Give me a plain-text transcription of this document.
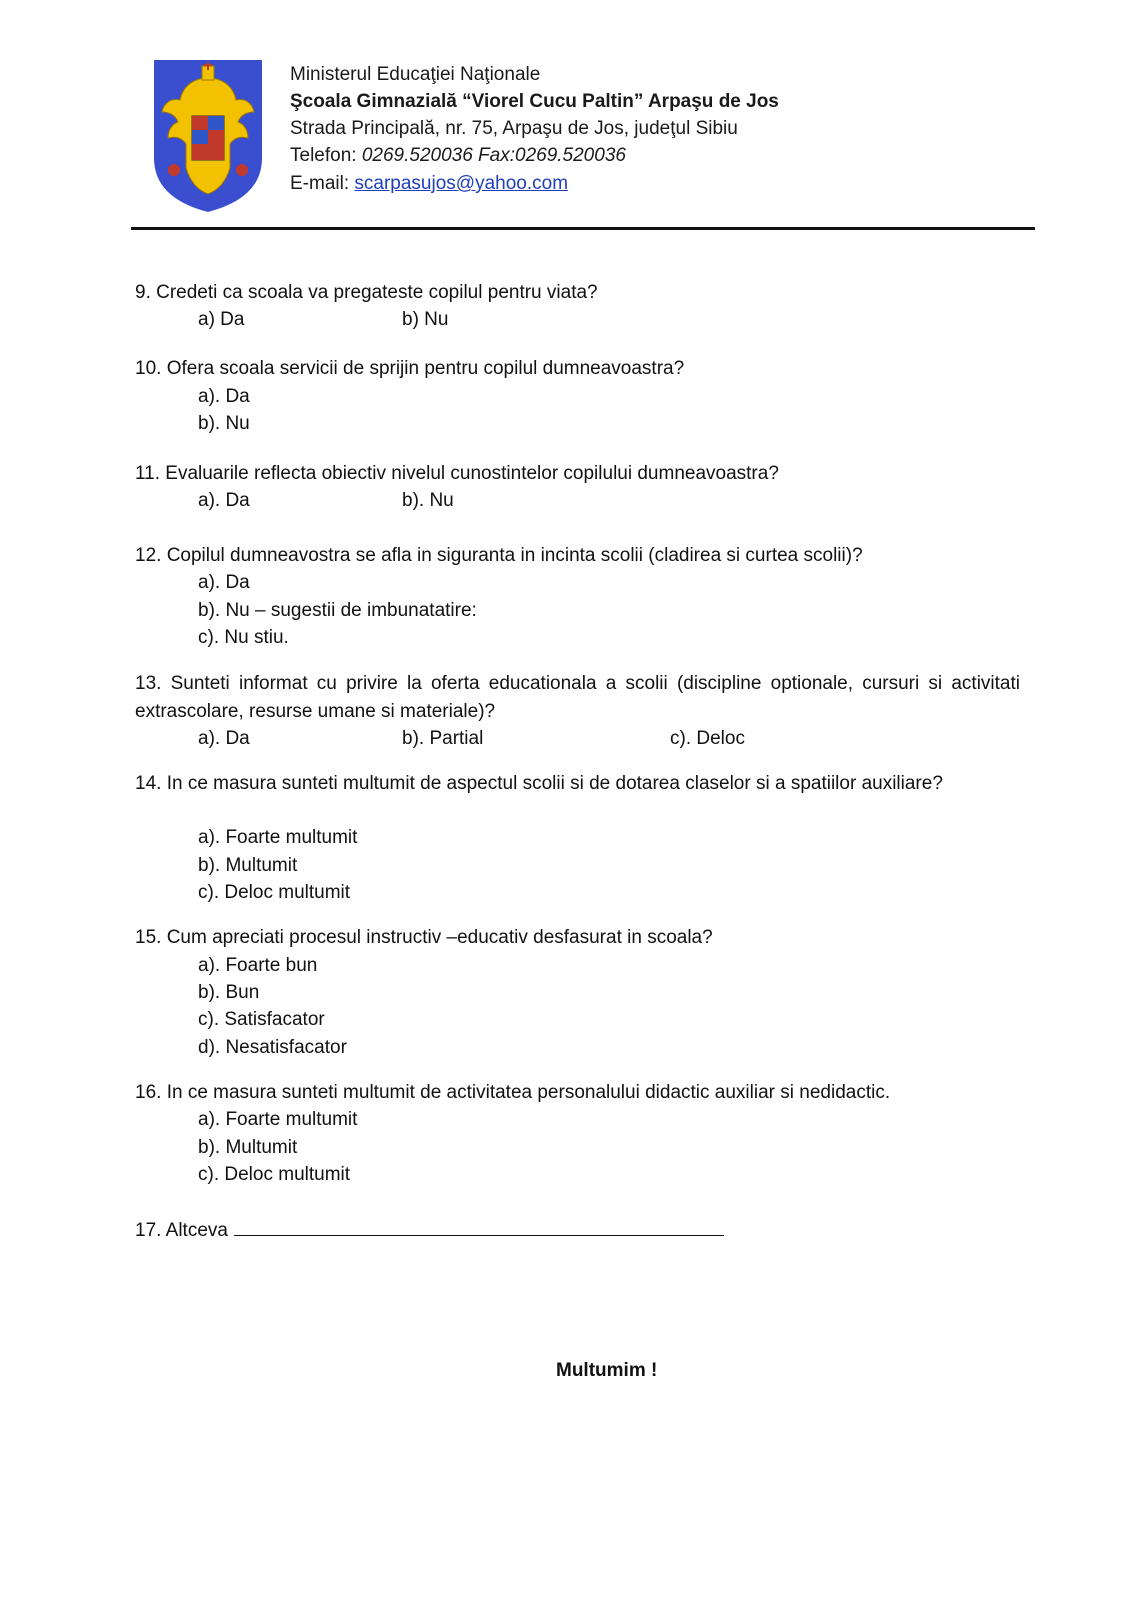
Ministerul Educaţiei Naţionale
Şcoala Gimnazială “Viorel Cucu Paltin” Arpaşu de Jos
Strada Principală, nr. 75, Arpaşu de Jos, judeţul Sibiu
Telefon: 0269.520036 Fax:0269.520036
E-mail: scarpasujos@yahoo.com
9. Credeti ca scoala va pregateste copilul pentru viata?
a) Da	b) Nu
10. Ofera scoala servicii de sprijin pentru copilul dumneavoastra?
a). Da
b). Nu
11. Evaluarile reflecta obiectiv nivelul cunostintelor copilului dumneavoastra?
a). Da	b). Nu
12. Copilul dumneavostra se afla in siguranta in incinta scolii (cladirea si curtea scolii)?
a). Da
b). Nu – sugestii de imbunatatire:
c). Nu stiu.
13. Sunteti informat cu privire la oferta educationala a scolii (discipline optionale, cursuri si activitati extrascolare, resurse umane si materiale)?
a). Da	b). Partial	c). Deloc
14. In ce masura sunteti multumit de aspectul scolii si de dotarea claselor si a spatiilor auxiliare?
a). Foarte multumit
b). Multumit
c). Deloc multumit
15. Cum apreciati procesul instructiv –educativ desfasurat in scoala?
a). Foarte bun
b). Bun
c). Satisfacator
d). Nesatisfacator
16. In ce masura sunteti multumit de activitatea personalului didactic auxiliar si nedidactic.
a). Foarte multumit
b). Multumit
c). Deloc multumit
17. Altceva
Multumim !
